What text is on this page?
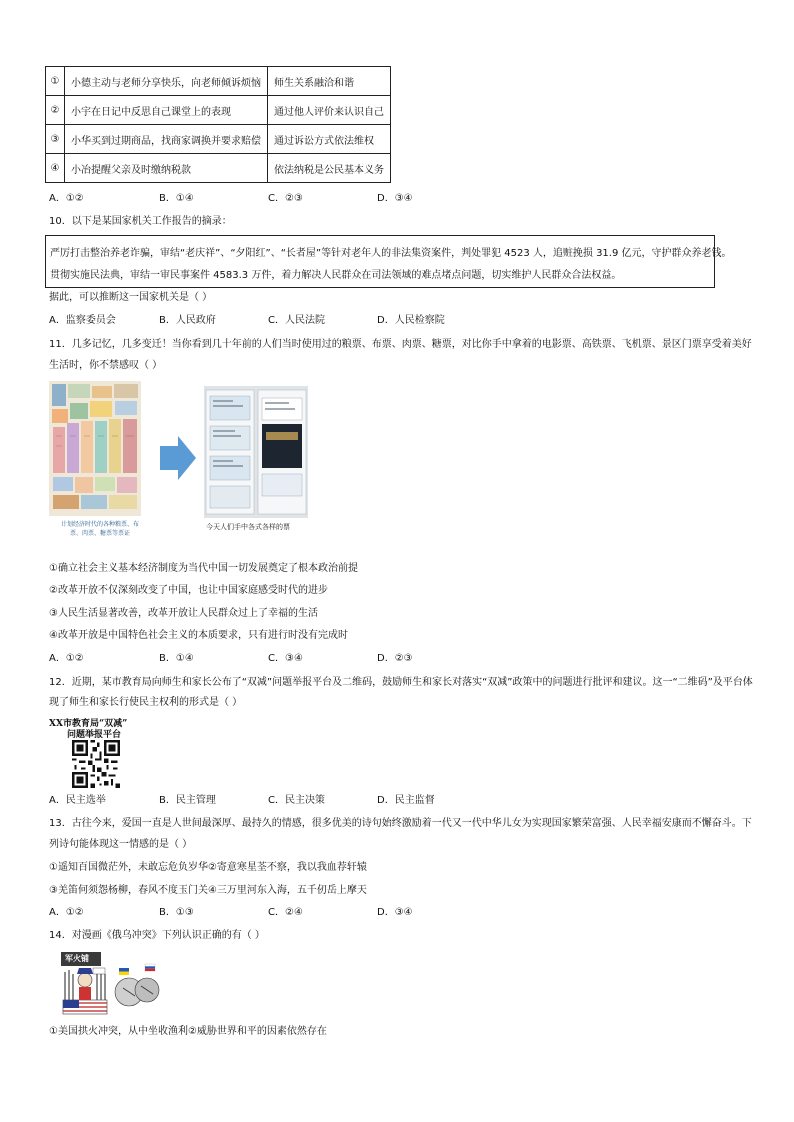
①	小德主动与老师分享快乐，向老师倾诉烦恼	师生关系融洽和谐
②	小宇在日记中反思自己课堂上的表现	通过他人评价来认识自己
③	小华买到过期商品，找商家调换并要求赔偿	通过诉讼方式依法维权
④	小冶提醒父亲及时缴纳税款	依法纳税是公民基本义务
A．①②	B．①④	C．②③	D．③④
10．以下是某国家机关工作报告的摘录：
严厉打击整治养老诈骗，审结“老庆祥”、“夕阳红”、“长者屋”等针对老年人的非法集资案件，判处罪犯 4523 人，追赃挽损 31.9 亿元，守护群众养老钱。
贯彻实施民法典，审结一审民事案件 4583.3 万件，着力解决人民群众在司法领域的难点堵点问题，切实维护人民群众合法权益。
据此，可以推断这一国家机关是（ ）
A．监察委员会	B．人民政府	C．人民法院	D．人民检察院
11．几多记忆，几多变迁！当你看到几十年前的人们当时使用过的粮票、布票、肉票、糖票，对比你手中拿着的电影票、高铁票、飞机票、景区门票享受着美好
生活时，你不禁感叹（ ）
计划经济时代的各种粮票、布票、肉票、糖票等票证
今天人们手中各式各样的票
①确立社会主义基本经济制度为当代中国一切发展奠定了根本政治前提
②改革开放不仅深刻改变了中国，也让中国家庭感受时代的进步
③人民生活显著改善，改革开放让人民群众过上了幸福的生活
④改革开放是中国特色社会主义的本质要求，只有进行时没有完成时
A．①②	B．①④	C．③④	D．②③
12．近期，某市教育局向师生和家长公布了“双减”问题举报平台及二维码，鼓励师生和家长对落实“双减”政策中的问题进行批评和建议。这一“二维码”及平台体
现了师生和家长行使民主权利的形式是（ ）
XX市教育局“双减”
问题举报平台
A．民主选举	B．民主管理	C．民主决策	D．民主监督
13．古往今来，爱国一直是人世间最深厚、最持久的情感，很多优美的诗句始终激励着一代又一代中华儿女为实现国家繁荣富强、人民幸福安康而不懈奋斗。下
列诗句能体现这一情感的是（ ）
①遥知百国微茫外，未敢忘危负岁华②寄意寒星荃不察，我以我血荐轩辕
③羌笛何须怨杨柳，春风不度玉门关④三万里河东入海，五千仞岳上摩天
A．①②	B．①③	C．②④	D．③④
14．对漫画《俄乌冲突》下列认识正确的有（ ）
军火铺
①美国拱火冲突，从中坐收渔利②威胁世界和平的因素依然存在
